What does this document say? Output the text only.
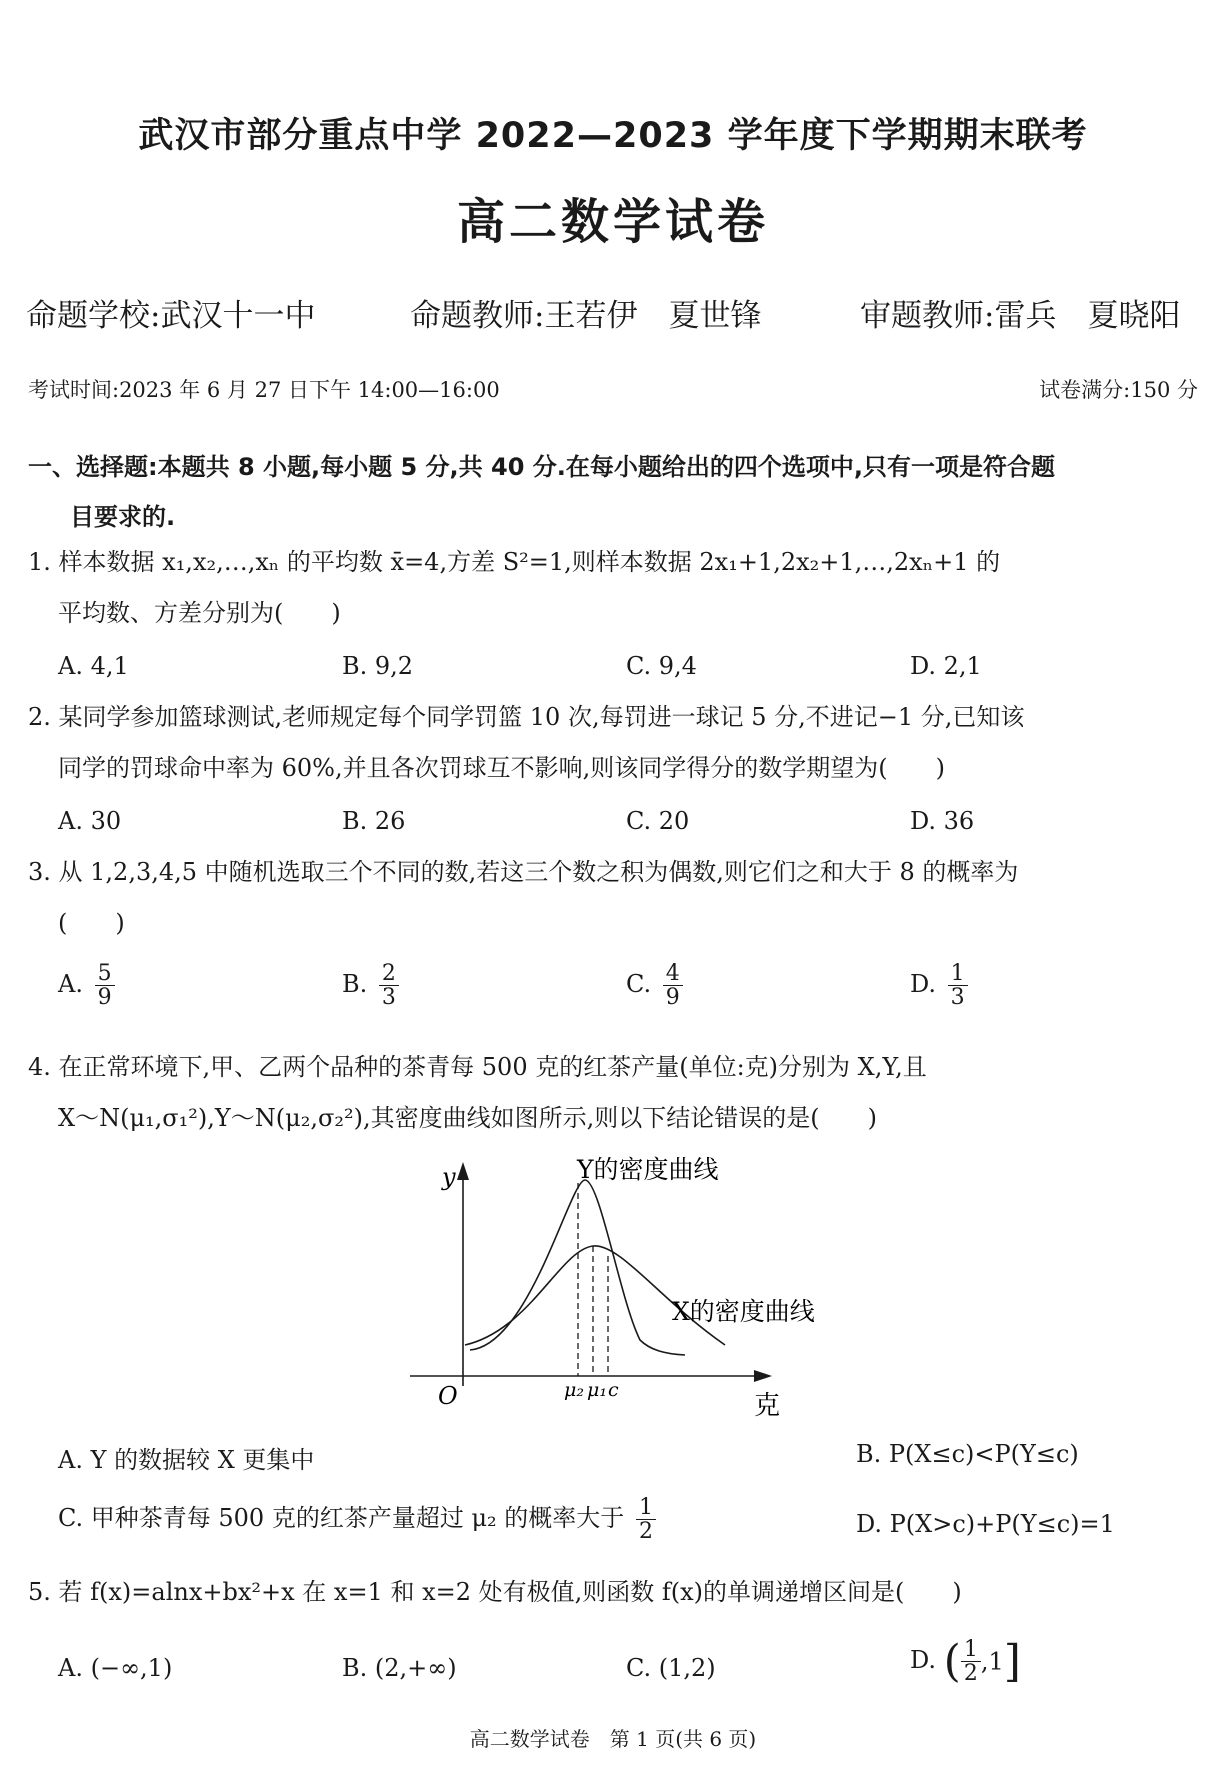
武汉市部分重点中学 2022—2023 学年度下学期期末联考
高二数学试卷
命题学校:武汉十一中	命题教师:王若伊　夏世锋	审题教师:雷兵　夏晓阳
考试时间:2023 年 6 月 27 日下午 14:00—16:00	试卷满分:150 分
一、选择题:本题共 8 小题,每小题 5 分,共 40 分.在每小题给出的四个选项中,只有一项是符合题
目要求的.
1. 样本数据 x₁,x₂,…,xₙ 的平均数 x̄=4,方差 S²=1,则样本数据 2x₁+1,2x₂+1,…,2xₙ+1 的
平均数、方差分别为(　　)
A. 4,1	B. 9,2	C. 9,4	D. 2,1
2. 某同学参加篮球测试,老师规定每个同学罚篮 10 次,每罚进一球记 5 分,不进记−1 分,已知该
同学的罚球命中率为 60%,并且各次罚球互不影响,则该同学得分的数学期望为(　　)
A. 30	B. 26	C. 20	D. 36
3. 从 1,2,3,4,5 中随机选取三个不同的数,若这三个数之积为偶数,则它们之和大于 8 的概率为
(　　)
A. $\frac{5}{9}$	B. $\frac{2}{3}$	C. $\frac{4}{9}$	D. $\frac{1}{3}$
4. 在正常环境下,甲、乙两个品种的茶青每 500 克的红茶产量(单位:克)分别为 X,Y,且
X～N(μ₁,σ₁²),Y～N(μ₂,σ₂²),其密度曲线如图所示,则以下结论错误的是(　　)
y
O	克
Y的密度曲线
X的密度曲线
μ₂ μ₁ c
A. Y 的数据较 X 更集中	B. P(X≤c)<P(Y≤c)
C. 甲种茶青每 500 克的红茶产量超过 μ₂ 的概率大于 $\frac{1}{2}$	D. P(X>c)+P(Y≤c)=1
5. 若 f(x)=alnx+bx²+x 在 x=1 和 x=2 处有极值,则函数 f(x)的单调递增区间是(　　)
A. (−∞,1)	B. (2,+∞)	C. (1,2)	D. ( $\frac{1}{2} ,1$]
高二数学试卷　第 1 页(共 6 页)
